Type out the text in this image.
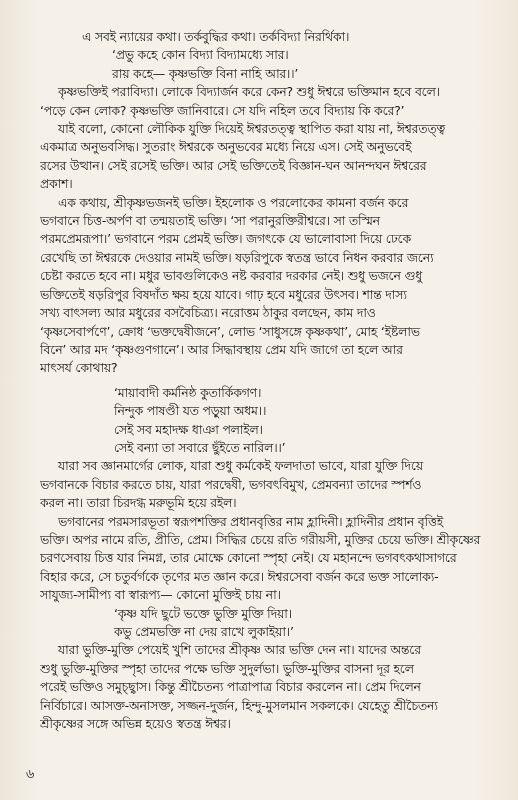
এ সবই ন্যায়ের কথা। তর্কবুদ্ধির কথা। তর্কবিদ্যা নিরর্থিকা।
‘প্রভু কহে কোন বিদ্যা বিদ্যামধ্যে সার।
রায় কহে— কৃষ্ণভক্তি বিনা নাহি আর।।’
কৃষ্ণভক্তিই পরাবিদ্যা। লোকে বিদ্যার্জন করে কেন? শুধু ঈশ্বরে ভক্তিমান হবে বলে।
‘পড়ে কেন লোক? কৃষ্ণভক্তি জানিবারে। সে যদি নহিল তবে বিদ্যায় কি করে?’
যাই বলো, কোনো লৌকিক যুক্তি দিয়েই ঈশ্বরতত্ত্ব স্থাপিত করা যায় না, ঈশ্বরতত্ত্ব
একমাত্র অনুভবসিদ্ধ। সুতরাং ঈশ্বরকে অনুভবের মধ্যে নিয়ে এস। সেই অনুভবেই
রসের উত্থান। সেই রসেই ভক্তি। আর সেই ভক্তিতেই বিজ্ঞান-ঘন আনন্দঘন ঈশ্বরের
প্রকাশ।
এক কথায়, শ্রীকৃষ্ণভজনই ভক্তি। ইহলোক ও পরলোকের কামনা বর্জন করে
ভগবানে চিত্ত-অর্পণ বা তন্ময়তাই ভক্তি। ‘সা পরানুরক্তিরীশ্বরে। সা তস্মিন
পরমপ্রেমরূপা।’ ভগবানে পরম প্রেমই ভক্তি। জগৎকে যে ভালোবাসা দিয়ে ঢেকে
রেখেছি তা ঈশ্বরকে দেওয়ার নামই ভক্তি। ষড়রিপুকে স্বতন্ত্র ভাবে নিধন করবার জন্যে
চেষ্টা করতে হবে না। মধুর ভাবগুলিকেও নষ্ট করবার দরকার নেই। শুধু ভজনে গুধু
ভক্তিতেই ষড়রিপুর বিষদাঁত ক্ষয় হয়ে যাবে। গাঢ় হবে মধুরের উৎসব। শান্ত দাস্য
সখ্য বাৎসল্য আর মধুরের বসবৈচিত্র্য। নরোত্তম ঠাকুর বলছেন, কাম দাও
‘কৃষ্ণসেবার্পণে’, ক্রোধ ‘ভক্তদ্বেষীজনে’, লোভ ‘সাধুসঙ্গে কৃষ্ণকথা’, মোহ ‘ইষ্টলাভ
বিনে’ আর মদ ‘কৃষ্ণগুণগানে’। আর সিদ্ধাবস্থায় প্রেম যদি জাগে তা হলে আর
মাৎসর্য কোথায়?
‘মায়াবাদী কর্মনিষ্ঠ কুতার্কিকগণ।
নিন্দুক পাষণ্ডী যত পড়ুয়া অধম।।
সেই সব মহাদক্ষ ধাঞা পলাইল।
সেই বন্যা তা সবারে ছুঁইতে নারিল।।’
যারা সব জ্ঞানমার্গের লোক, যারা শুধু কর্মকেই ফলদাতা ভাবে, যারা যুক্তি দিয়ে
ভগবানকে বিচার করতে চায়, যারা পরদ্বেষী, ভগবৎবিমুখ, প্রেমবন্যা তাদের স্পর্শও
করল না। তারা চিরদগ্ধ মরুভূমি হয়ে রইল।
ভগবানের পরমসারভূতা স্বরূপশক্তির প্রধানবৃত্তির নাম হ্লাদিনী। হ্লাদিনীর প্রধান বৃত্তিই
ভক্তি। অপর নামে রতি, প্রীতি, প্রেম। সিদ্ধির চেয়ে রতি গরীয়সী, মুক্তির চেয়ে ভক্তি। শ্রীকৃষ্ণের
চরণসেবায় চিত্ত যার নিমগ্ন, তার মোক্ষে কোনো স্পৃহা নেই। যে মহানন্দে ভগবৎকথাসাগরে
বিহার করে, সে চতুর্বর্গকে তৃণের মত জ্ঞান করে। ঈশ্বরসেবা বর্জন করে ভক্ত সালোক্য-
সাযুজ্য-সামীপ্য বা স্বারূপ্য— কোনো মুক্তিই চায় না।
‘কৃষ্ণ যদি ছুটে ভক্তে ভুক্তি মুক্তি দিয়া।
কভু প্রেমভক্তি না দেয় রাখে লুকাইয়া।’
যারা ভুক্তি-মুক্তি পেয়েই খুশি তাদের শ্রীকৃষ্ণ আর ভক্তি দেন না। যাদের অন্তরে
শুধু ভুক্তি-মুক্তির স্পৃহা তাদের পক্ষে ভক্তি সুদুর্লভা। ভুক্তি-মুক্তির বাসনা দূর হলে
পরেই ভক্তিও সমুচ্ছ্বাস। কিন্তু শ্রীচৈতন্য পাত্রাপাত্র বিচার করলেন না। প্রেম দিলেন
নির্বিচারে। আসক্ত-অনাসক্ত, সজ্জন-দুর্জন, হিন্দু-মুসলমান সকলকে। যেহেতু শ্রীচৈতন্য
শ্রীকৃষ্ণের সঙ্গে অভিন্ন হয়েও স্বতন্ত্র ঈশ্বর।
৬
